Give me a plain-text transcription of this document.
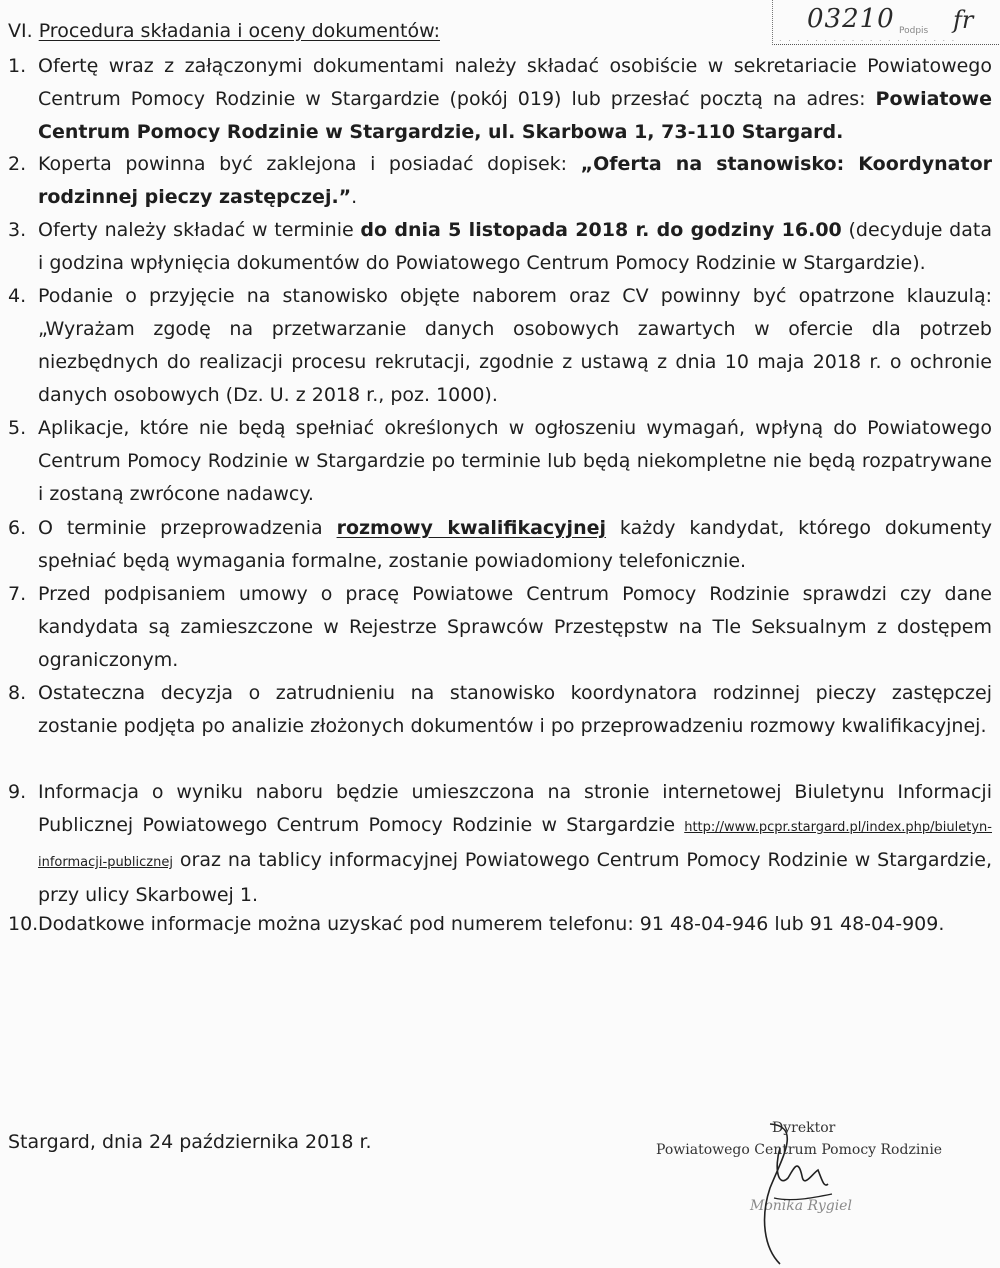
VI. Procedura składania i oceny dokumentów:	03210 Podpis fr
. . . . . . . . . . . . . . . . . . . .
1. Ofertę wraz z załączonymi dokumentami należy składać osobiście w sekretariacie Powiatowego Centrum Pomocy Rodzinie w Stargardzie (pokój 019) lub przesłać pocztą na adres: Powiatowe Centrum Pomocy Rodzinie w Stargardzie, ul. Skarbowa 1, 73-110 Stargard.
2. Koperta powinna być zaklejona i posiadać dopisek: „Oferta na stanowisko: Koordynator rodzinnej pieczy zastępczej.”.
3. Oferty należy składać w terminie do dnia 5 listopada 2018 r. do godziny 16.00 (decyduje data i godzina wpłynięcia dokumentów do Powiatowego Centrum Pomocy Rodzinie w Stargardzie).
4. Podanie o przyjęcie na stanowisko objęte naborem oraz CV powinny być opatrzone klauzulą: „Wyrażam zgodę na przetwarzanie danych osobowych zawartych w ofercie dla potrzeb niezbędnych do realizacji procesu rekrutacji, zgodnie z ustawą z dnia 10 maja 2018 r. o ochronie danych osobowych (Dz. U. z 2018 r., poz. 1000).
5. Aplikacje, które nie będą spełniać określonych w ogłoszeniu wymagań, wpłyną do Powiatowego Centrum Pomocy Rodzinie w Stargardzie po terminie lub będą niekompletne nie będą rozpatrywane i zostaną zwrócone nadawcy.
6. O terminie przeprowadzenia rozmowy kwalifikacyjnej każdy kandydat, którego dokumenty spełniać będą wymagania formalne, zostanie powiadomiony telefonicznie.
7. Przed podpisaniem umowy o pracę Powiatowe Centrum Pomocy Rodzinie sprawdzi czy dane kandydata są zamieszczone w Rejestrze Sprawców Przestępstw na Tle Seksualnym z dostępem ograniczonym.
8. Ostateczna decyzja o zatrudnieniu na stanowisko koordynatora rodzinnej pieczy zastępczej zostanie podjęta po analizie złożonych dokumentów i po przeprowadzeniu rozmowy kwalifikacyjnej.
9. Informacja o wyniku naboru będzie umieszczona na stronie internetowej Biuletynu Informacji Publicznej Powiatowego Centrum Pomocy Rodzinie w Stargardzie http://www.pcpr.stargard.pl/index.php/biuletyn-informacji-publicznej oraz na tablicy informacyjnej Powiatowego Centrum Pomocy Rodzinie w Stargardzie, przy ulicy Skarbowej 1.
10. Dodatkowe informacje można uzyskać pod numerem telefonu: 91 48-04-946 lub 91 48-04-909.
Stargard, dnia 24 października 2018 r.
Dyrektor
Powiatowego Centrum Pomocy Rodzinie
Monika Rygiel
